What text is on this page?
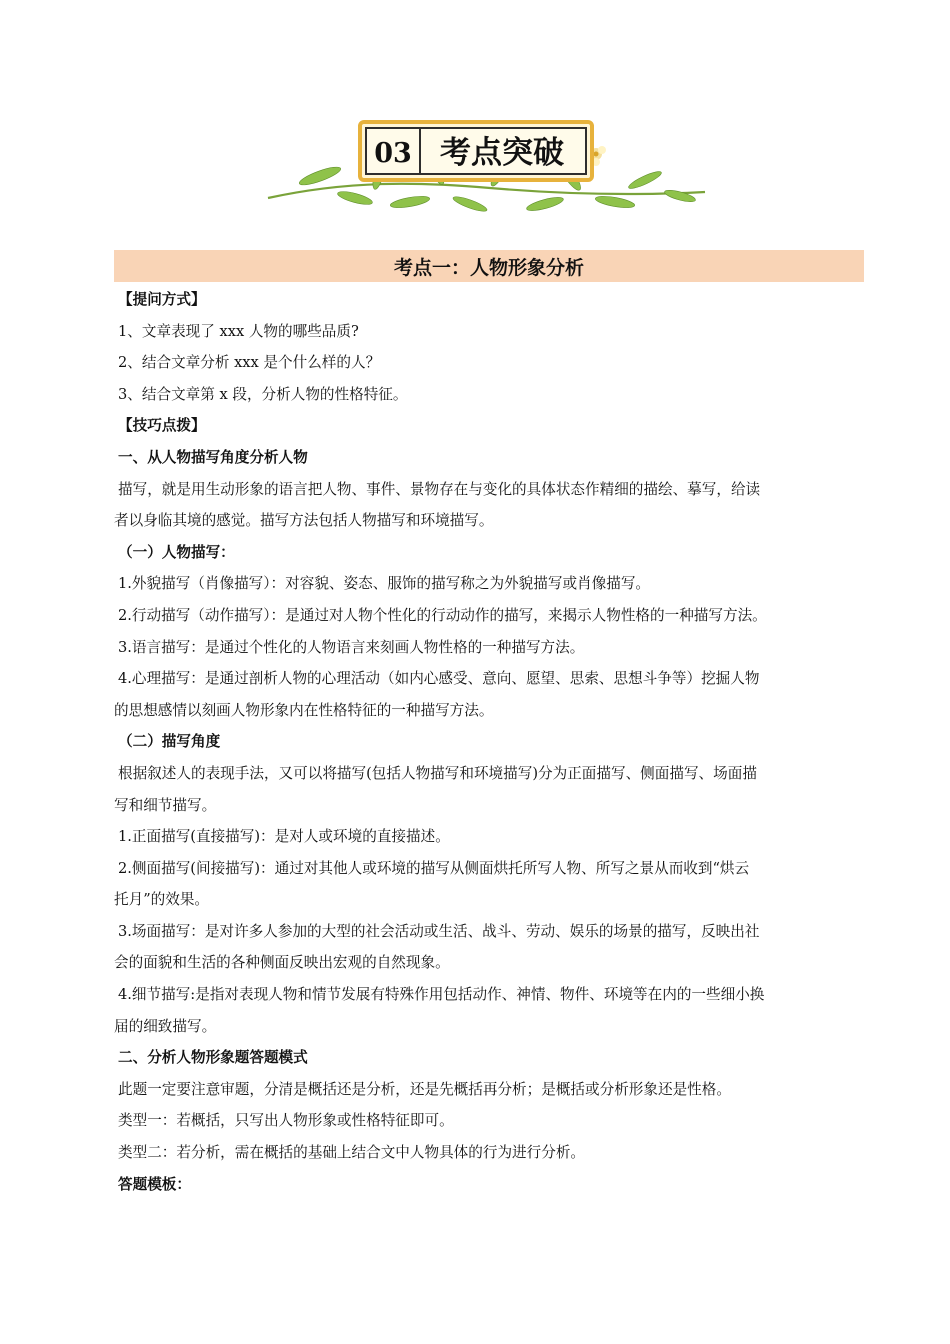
03 考点突破
考点一：人物形象分析

【提问方式】

1、文章表现了 xxx 人物的哪些品质?

2、结合文章分析 xxx 是个什么样的人？

3、结合文章第 x 段，分析人物的性格特征。

【技巧点拨】

一、从人物描写角度分析人物

描写，就是用生动形象的语言把人物、事件、景物存在与变化的具体状态作精细的描绘、摹写，给读

者以身临其境的感觉。描写方法包括人物描写和环境描写。

（一）人物描写：

1.外貌描写（肖像描写）：对容貌、姿态、服饰的描写称之为外貌描写或肖像描写。

2.行动描写（动作描写）：是通过对人物个性化的行动动作的描写，来揭示人物性格的一种描写方法。

3.语言描写：是通过个性化的人物语言来刻画人物性格的一种描写方法。

4.心理描写：是通过剖析人物的心理活动（如内心感受、意向、愿望、思索、思想斗争等）挖掘人物

的思想感情以刻画人物形象内在性格特征的一种描写方法。

（二）描写角度

根据叙述人的表现手法，又可以将描写(包括人物描写和环境描写)分为正面描写、侧面描写、场面描

写和细节描写。

1.正面描写(直接描写)：是对人或环境的直接描述。

2.侧面描写(间接描写)：通过对其他人或环境的描写从侧面烘托所写人物、所写之景从而收到“烘云

托月”的效果。

3.场面描写：是对许多人参加的大型的社会活动或生活、战斗、劳动、娱乐的场景的描写，反映出社

会的面貌和生活的各种侧面反映出宏观的自然现象。

4.细节描写:是指对表现人物和情节发展有特殊作用包括动作、神情、物件、环境等在内的一些细小换

届的细致描写。

二、分析人物形象题答题模式

此题一定要注意审题，分清是概括还是分析，还是先概括再分析；是概括或分析形象还是性格。

类型一：若概括，只写出人物形象或性格特征即可。

类型二：若分析，需在概括的基础上结合文中人物具体的行为进行分析。

答题模板：
